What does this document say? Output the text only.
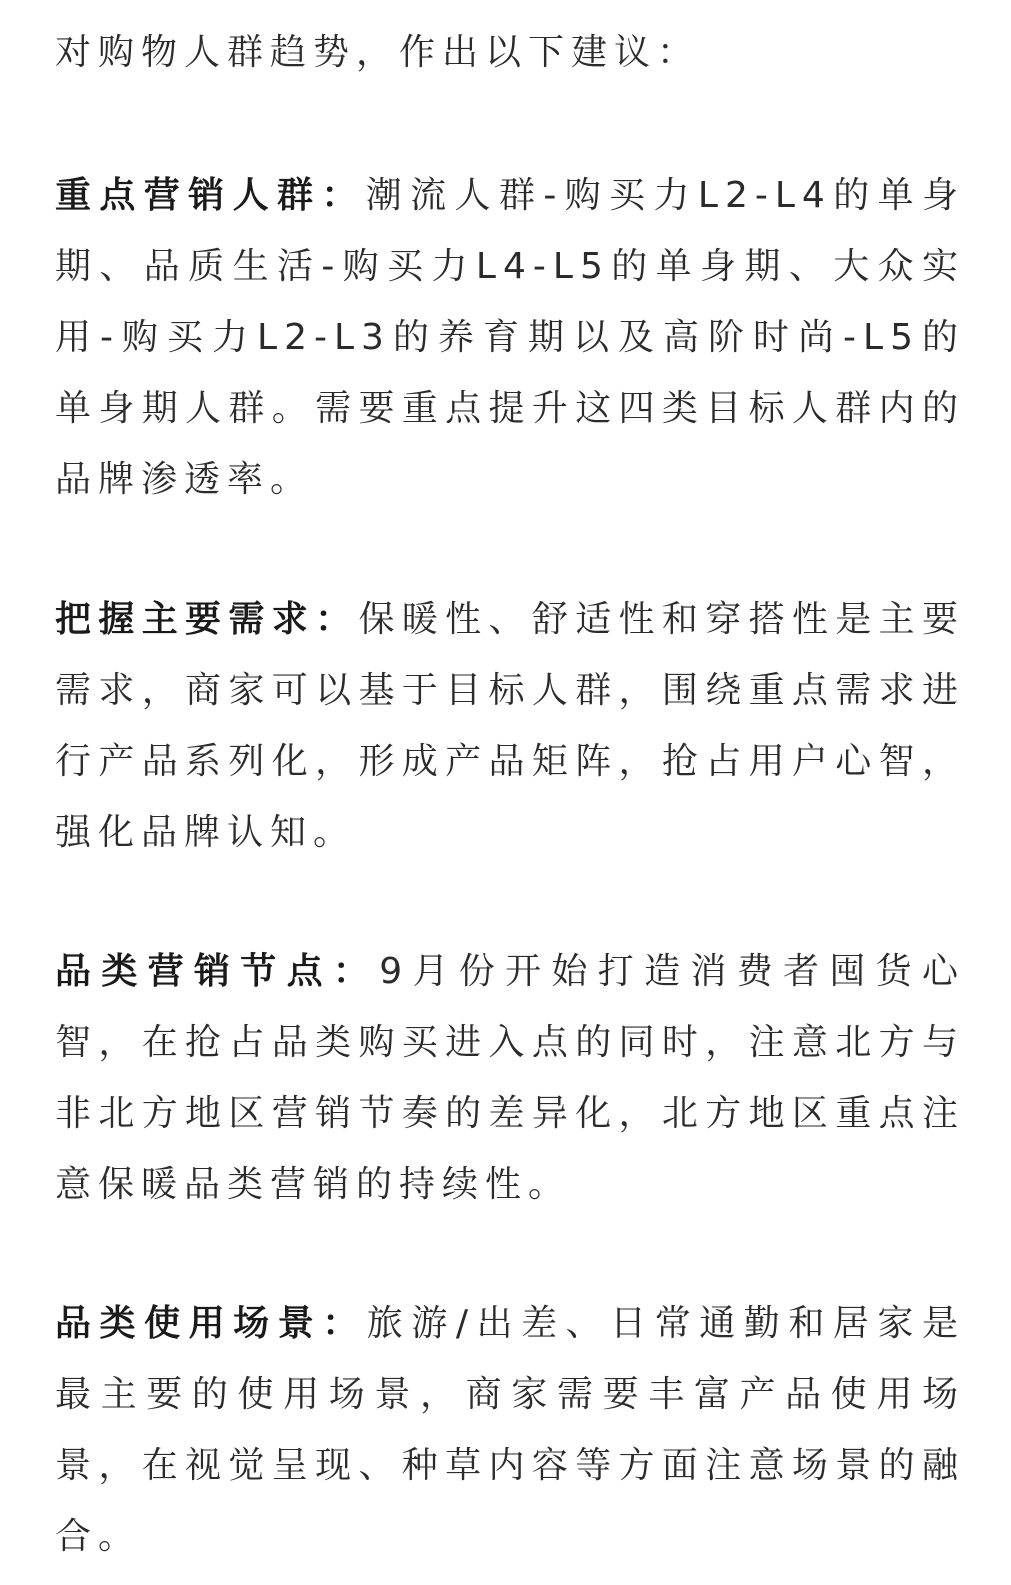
对购物人群趋势，作出以下建议：

重点营销人群：潮流人群-购买力L2-L4的单身期、品质生活-购买力L4-L5的单身期、大众实用-购买力L2-L3的养育期以及高阶时尚-L5的单身期人群。需要重点提升这四类目标人群内的品牌渗透率。

把握主要需求：保暖性、舒适性和穿搭性是主要需求，商家可以基于目标人群，围绕重点需求进行产品系列化，形成产品矩阵，抢占用户心智，强化品牌认知。

品类营销节点：9月份开始打造消费者囤货心智，在抢占品类购买进入点的同时，注意北方与非北方地区营销节奏的差异化，北方地区重点注意保暖品类营销的持续性。

品类使用场景：旅游/出差、日常通勤和居家是最主要的使用场景，商家需要丰富产品使用场景，在视觉呈现、种草内容等方面注意场景的融合。
